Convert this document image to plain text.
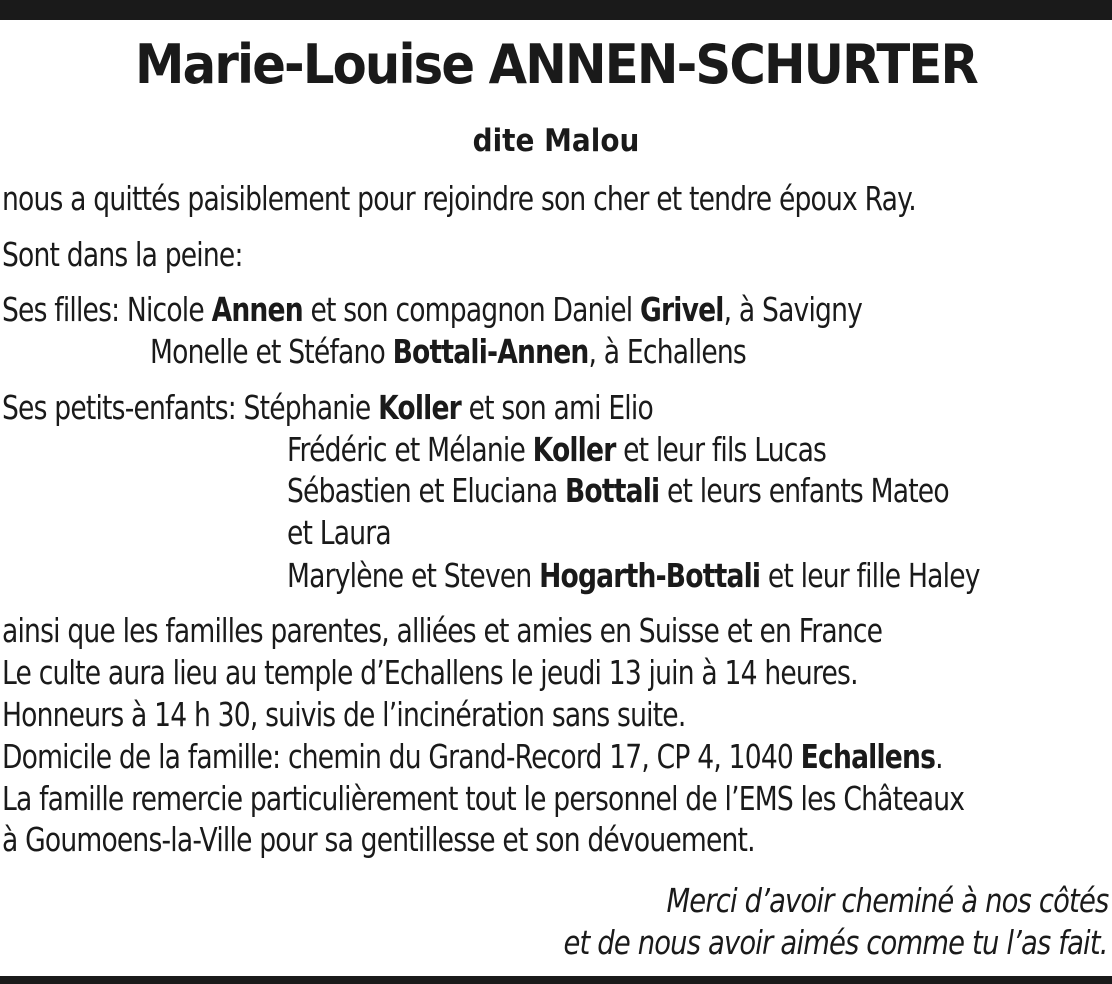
Marie-Louise ANNEN-SCHURTER
dite Malou
nous a quittés paisiblement pour rejoindre son cher et tendre époux Ray.
Sont dans la peine:
Ses filles: Nicole Annen et son compagnon Daniel Grivel, à Savigny
Monelle et Stéfano Bottali-Annen, à Echallens
Ses petits-enfants: Stéphanie Koller et son ami Elio
Frédéric et Mélanie Koller et leur fils Lucas
Sébastien et Eluciana Bottali et leurs enfants Mateo
et Laura
Marylène et Steven Hogarth-Bottali et leur fille Haley
ainsi que les familles parentes, alliées et amies en Suisse et en France
Le culte aura lieu au temple d’Echallens le jeudi 13 juin à 14 heures.
Honneurs à 14 h 30, suivis de l’incinération sans suite.
Domicile de la famille: chemin du Grand-Record 17, CP 4, 1040 Echallens.
La famille remercie particulièrement tout le personnel de l’EMS les Châteaux
à Goumoens-la-Ville pour sa gentillesse et son dévouement.
Merci d’avoir cheminé à nos côtés
et de nous avoir aimés comme tu l’as fait.
